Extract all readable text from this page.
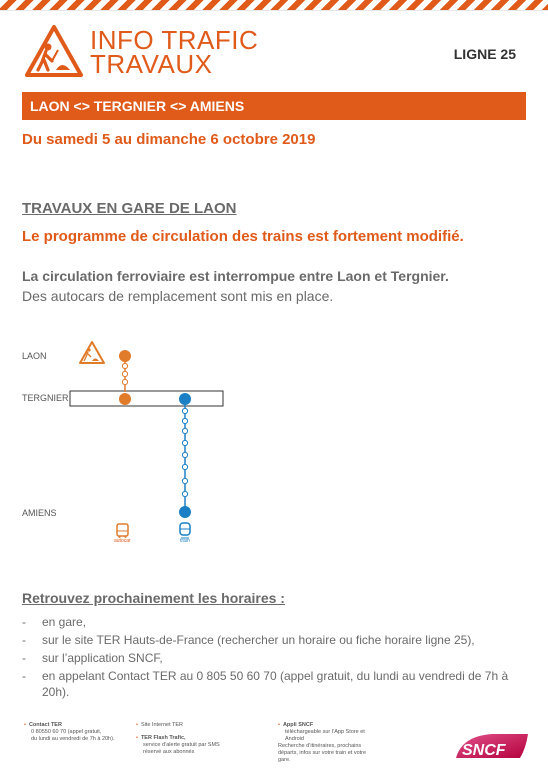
INFO TRAFIC
TRAVAUX	LIGNE 25
LAON <> TERGNIER <> AMIENS
Du samedi 5 au dimanche 6 octobre 2019
TRAVAUX EN GARE DE LAON
Le programme de circulation des trains est fortement modifié.
La circulation ferroviaire est interrompue entre Laon et Tergnier.
Des autocars de remplacement sont mis en place.
LAON
TERGNIER
AMIENS
autocar	train
Retrouvez prochainement les horaires :
- en gare,
- sur le site TER Hauts-de-France (rechercher un horaire ou fiche horaire ligne 25),
- sur l’application SNCF,
- en appelant Contact TER au 0 805 50 60 70 (appel gratuit, du lundi au vendredi de 7h à 20h).
• Contact TER
0 80550 60 70 (appel gratuit,
du lundi au vendredi de 7h à 20h).
• Site Internet TER
• TER Flash Trafic,
service d’alerte gratuit par SMS
réservé aux abonnés
• Appli SNCF
téléchargeable sur l’App Store et
Android
Recherche d’itinéraires, prochains
départs, infos sur votre train et votre
gare.
SNCF
